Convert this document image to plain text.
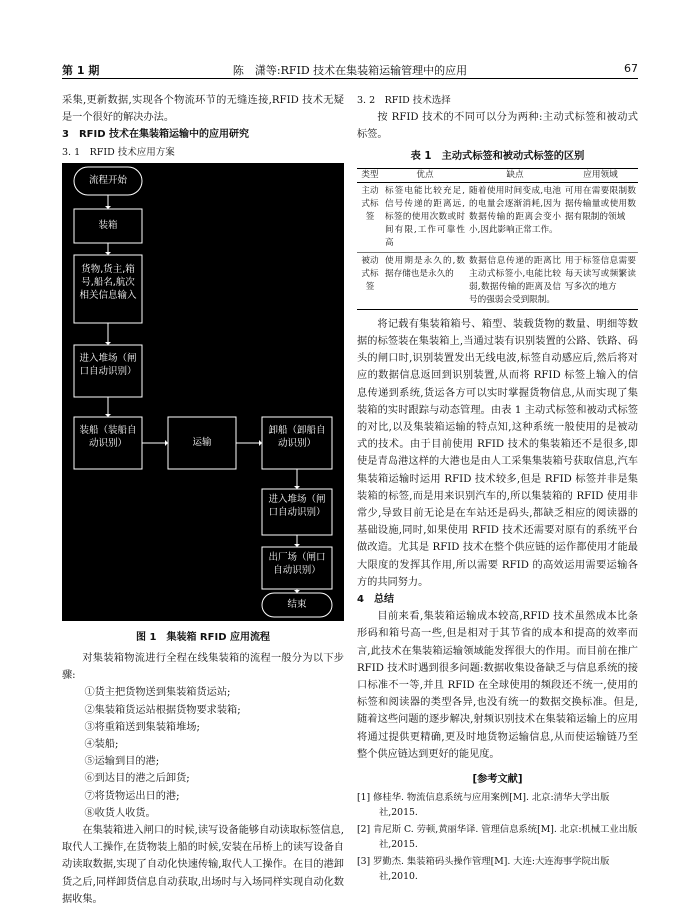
第 1 期	陈　潇等:RFID 技术在集装箱运输管理中的应用	67

采集,更新数据,实现各个物流环节的无缝连接,RFID 技术无疑是一个很好的解决办法。

3　RFID 技术在集装箱运输中的应用研究

3. 1　RFID 技术应用方案

流程开始
装箱
货物,货主,箱号,船名,航次相关信息输入
进入堆场（闸口自动识别）
装船（装船自动识别）	运输
卸船（卸船自动识别）
进入堆场（闸口自动识别）
出厂场（闸口自动识别）
结束

图 1　集装箱 RFID 应用流程

对集装箱物流进行全程在线集装箱的流程一般分为以下步骤:

①货主把货物送到集装箱货运站;
②集装箱货运站根据货物要求装箱;
③将重箱送到集装箱堆场;
④装船;
⑤运输到目的港;
⑥到达目的港之后卸货;
⑦将货物运出日的港;
⑧收货人收货。

在集装箱进入闸口的时候,读写设备能够自动读取标签信息,取代人工操作,在货物装上船的时候,安装在吊桥上的读写设备自动读取数据,实现了自动化快速传输,取代人工操作。在目的港卸货之后,同样卸货信息自动获取,出场时与入场同样实现自动化数据收集。

3. 2　RFID 技术选择

按 RFID 技术的不同可以分为两种:主动式标签和被动式标签。

表 1　主动式标签和被动式标签的区别

类型	优点	缺点	应用领域
主动式标签	标签电能比较充足,信号传递的距离远,标签的使用次数或时间有限,工作可靠性高	随着使用时间变成,电池的电量会逐渐消耗,因为数据传输的距离会变小小,因此影响正常工作。	可用在需要限制数据传输量或使用数据有限制的领域
被动式标签	使用期是永久的,数据存储也是永久的	数据信息传递的距离比主动式标签小,电能比较弱,数据传输的距离及信号的强弱会受到限制。	用于标签信息需要每天读写或频繁读写多次的地方

将记载有集装箱箱号、箱型、装载货物的数量、明细等数据的标签装在集装箱上,当通过装有识别装置的公路、铁路、码头的闸口时,识别装置发出无线电波,标签自动感应后,然后将对应的数据信息返回到识别装置,从而将 RFID 标签上输入的信息传递到系统,货运各方可以实时掌握货物信息,从而实现了集装箱的实时跟踪与动态管理。由表 1 主动式标签和被动式标签的对比,以及集装箱运输的特点知,这种系统一般使用的是被动式的技术。由于目前使用 RFID 技术的集装箱还不是很多,即使是青岛港这样的大港也是由人工采集集装箱号获取信息,汽车集装箱运输时运用 RFID 技术较多,但是 RFID 标签并非是集装箱的标签,而是用来识别汽车的,所以集装箱的 RFID 使用非常少,导致目前无论是在车站还是码头,都缺乏相应的阅读器的基础设施,同时,如果使用 RFID 技术还需要对原有的系统平台做改造。尤其是 RFID 技术在整个供应链的运作都使用才能最大限度的发挥其作用,所以需要 RFID 的高效运用需要运输各方的共同努力。

4　总结

目前来看,集装箱运输成本较高,RFID 技术虽然成本比条形码和箱号高一些,但是相对于其节省的成本和提高的效率而言,此技术在集装箱运输领域能发挥很大的作用。而目前在推广 RFID 技术时遇到很多问题:数据收集设备缺乏与信息系统的接口标准不一等,并且 RFID 在全球使用的频段还不统一,使用的标签和阅读器的类型各异,也没有统一的数据交换标准。但是,随着这些问题的逐步解决,射频识别技术在集装箱运输上的应用将通过提供更精确,更及时地货物运输信息,从而使运输链乃至整个供应链达到更好的能见度。

[参考文献]

[1] 修桂华. 物流信息系统与应用案例[M]. 北京:清华大学出版社,2015.

[2] 肯尼斯 C. 劳顿,黄丽华译. 管理信息系统[M]. 北京:机械工业出版社,2015.

[3] 罗勤杰. 集装箱码头操作管理[M]. 大连:大连海事学院出版社,2010.
